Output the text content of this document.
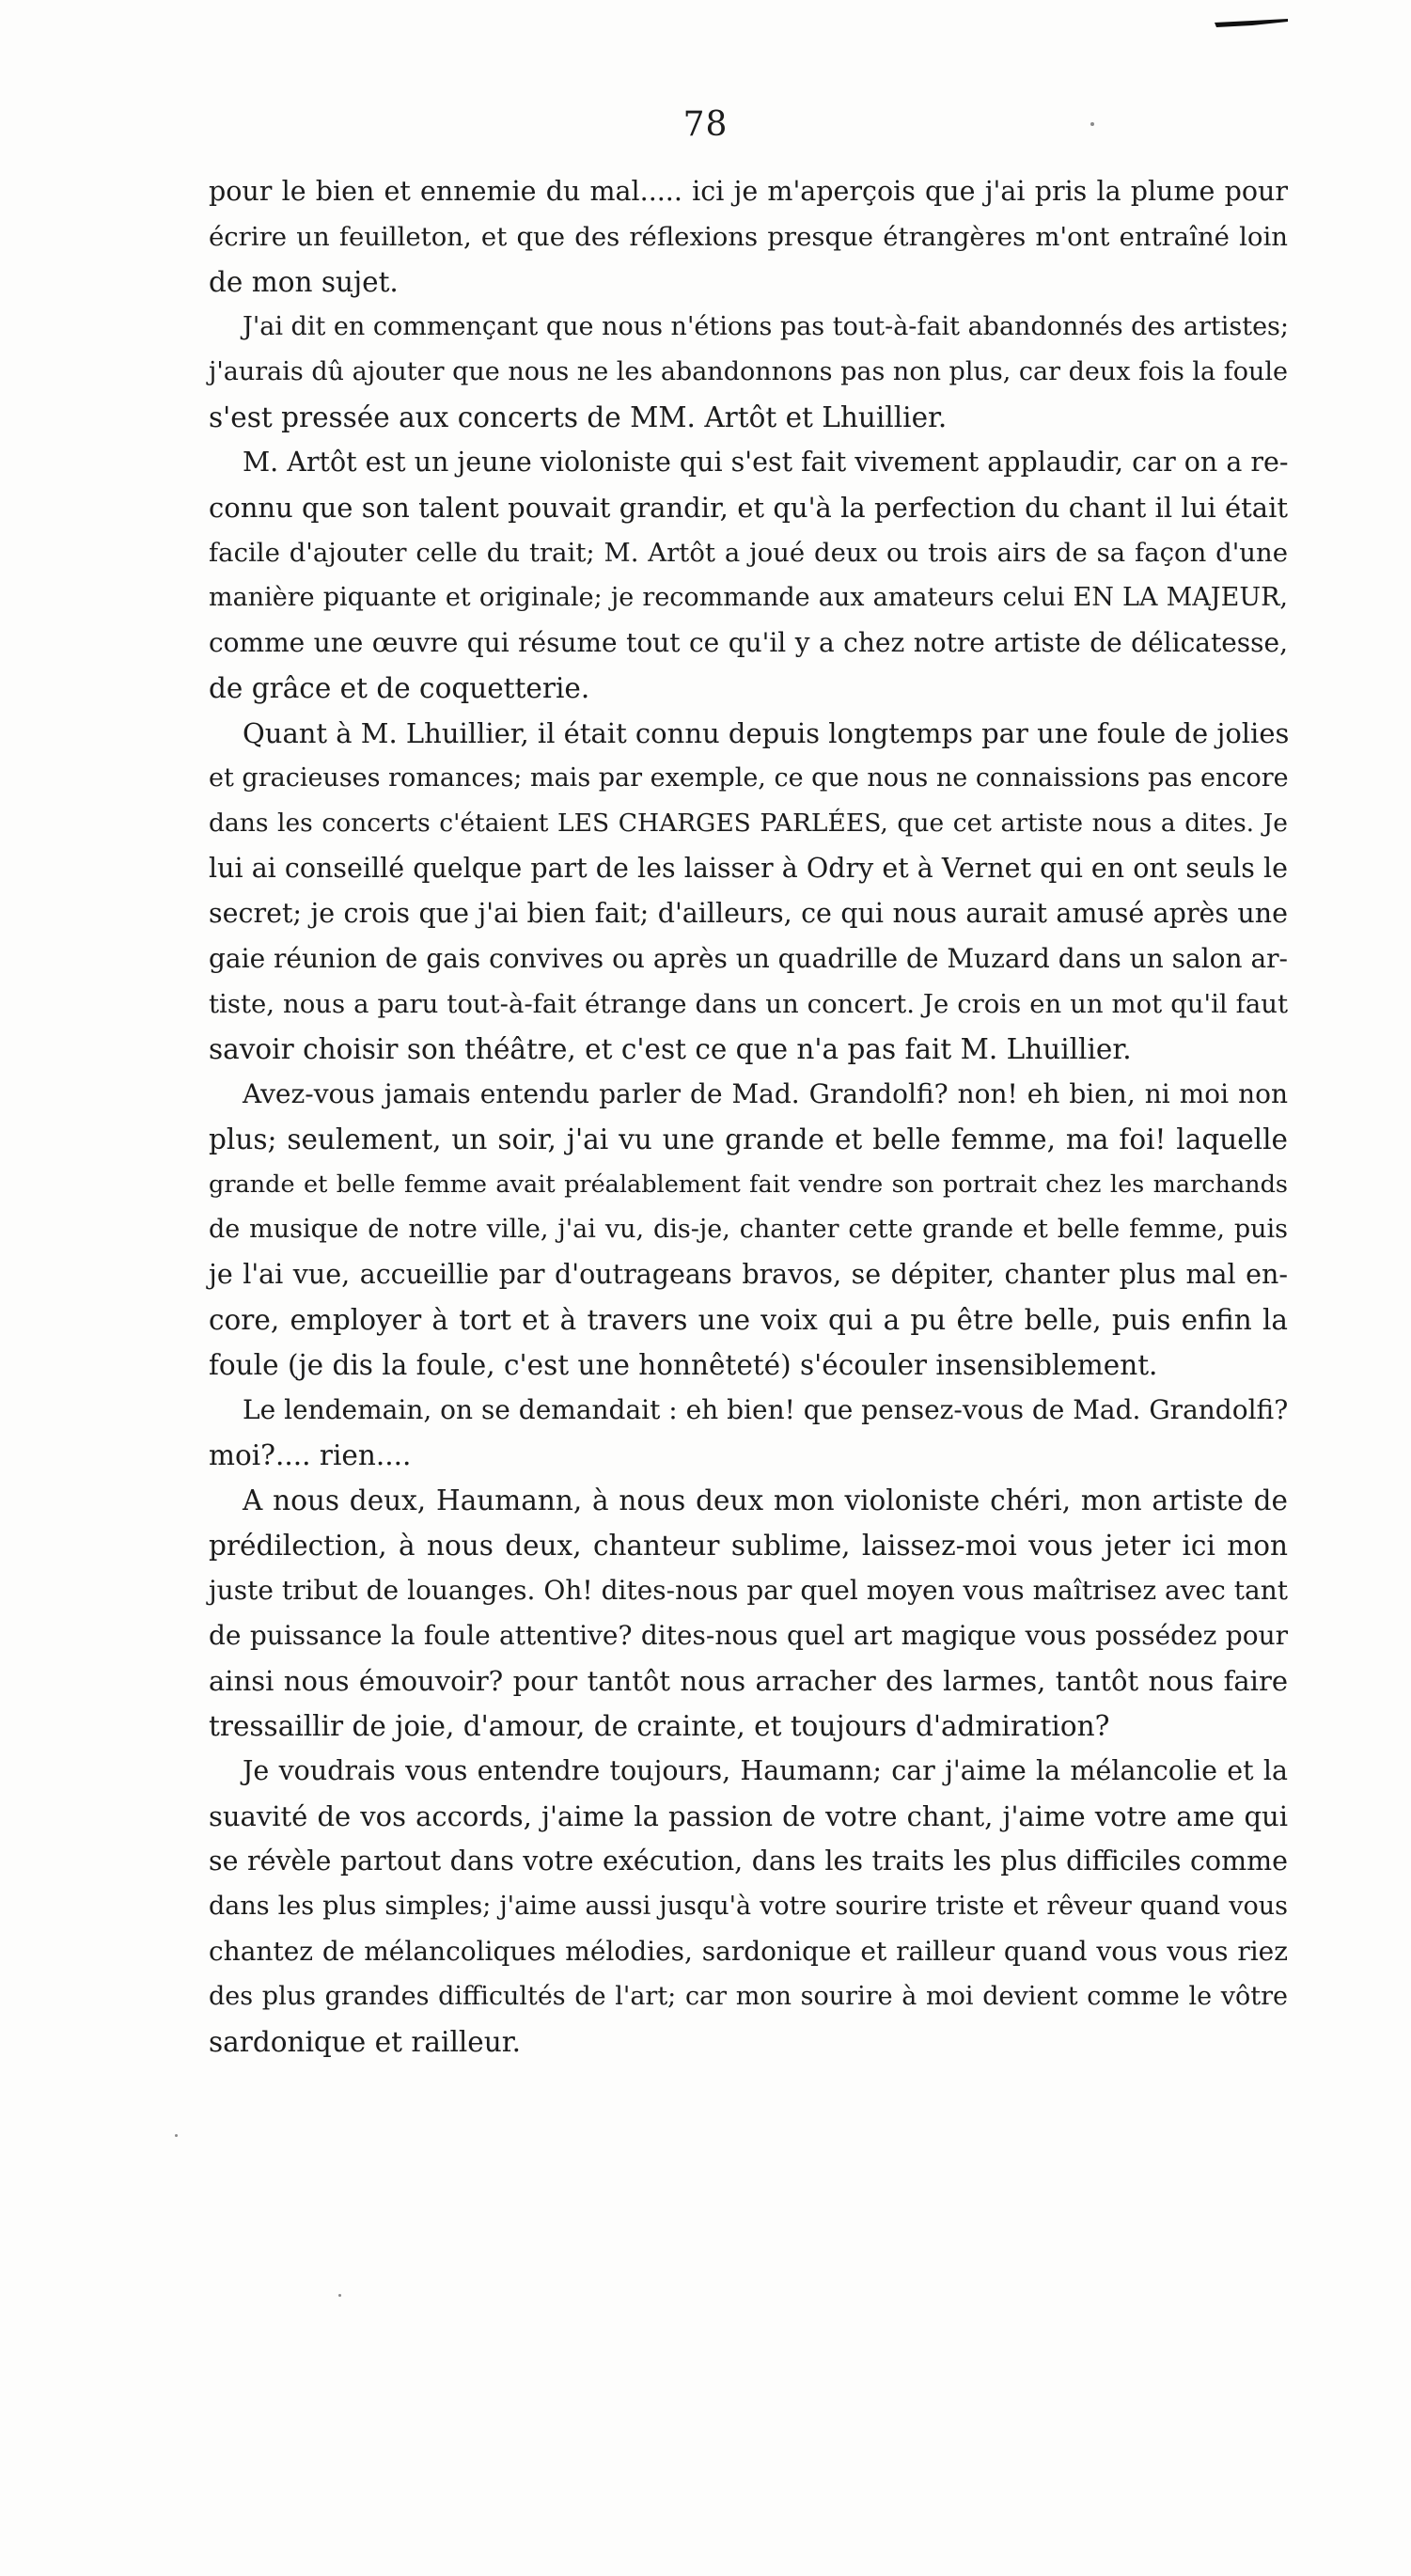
78
pour le bien et ennemie du mal..... ici je m'aperçois que j'ai pris la plume pour
écrire un feuilleton, et que des réflexions presque étrangères m'ont entraîné loin
de mon sujet.
J'ai dit en commençant que nous n'étions pas tout-à-fait abandonnés des artistes;
j'aurais dû ajouter que nous ne les abandonnons pas non plus, car deux fois la foule
s'est pressée aux concerts de MM. Artôt et Lhuillier.
M. Artôt est un jeune violoniste qui s'est fait vivement applaudir, car on a re-
connu que son talent pouvait grandir, et qu'à la perfection du chant il lui était
facile d'ajouter celle du trait; M. Artôt a joué deux ou trois airs de sa façon d'une
manière piquante et originale; je recommande aux amateurs celui EN LA MAJEUR,
comme une œuvre qui résume tout ce qu'il y a chez notre artiste de délicatesse,
de grâce et de coquetterie.
Quant à M. Lhuillier, il était connu depuis longtemps par une foule de jolies
et gracieuses romances; mais par exemple, ce que nous ne connaissions pas encore
dans les concerts c'étaient LES CHARGES PARLÉES, que cet artiste nous a dites. Je
lui ai conseillé quelque part de les laisser à Odry et à Vernet qui en ont seuls le
secret; je crois que j'ai bien fait; d'ailleurs, ce qui nous aurait amusé après une
gaie réunion de gais convives ou après un quadrille de Muzard dans un salon ar-
tiste, nous a paru tout-à-fait étrange dans un concert. Je crois en un mot qu'il faut
savoir choisir son théâtre, et c'est ce que n'a pas fait M. Lhuillier.
Avez-vous jamais entendu parler de Mad. Grandolfi? non! eh bien, ni moi non
plus; seulement, un soir, j'ai vu une grande et belle femme, ma foi! laquelle
grande et belle femme avait préalablement fait vendre son portrait chez les marchands
de musique de notre ville, j'ai vu, dis-je, chanter cette grande et belle femme, puis
je l'ai vue, accueillie par d'outrageans bravos, se dépiter, chanter plus mal en-
core, employer à tort et à travers une voix qui a pu être belle, puis enfin la
foule (je dis la foule, c'est une honnêteté) s'écouler insensiblement.
Le lendemain, on se demandait : eh bien! que pensez-vous de Mad. Grandolfi?
moi?.... rien....
A nous deux, Haumann, à nous deux mon violoniste chéri, mon artiste de
prédilection, à nous deux, chanteur sublime, laissez-moi vous jeter ici mon
juste tribut de louanges. Oh! dites-nous par quel moyen vous maîtrisez avec tant
de puissance la foule attentive? dites-nous quel art magique vous possédez pour
ainsi nous émouvoir? pour tantôt nous arracher des larmes, tantôt nous faire
tressaillir de joie, d'amour, de crainte, et toujours d'admiration?
Je voudrais vous entendre toujours, Haumann; car j'aime la mélancolie et la
suavité de vos accords, j'aime la passion de votre chant, j'aime votre ame qui
se révèle partout dans votre exécution, dans les traits les plus difficiles comme
dans les plus simples; j'aime aussi jusqu'à votre sourire triste et rêveur quand vous
chantez de mélancoliques mélodies, sardonique et railleur quand vous vous riez
des plus grandes difficultés de l'art; car mon sourire à moi devient comme le vôtre
sardonique et railleur.
